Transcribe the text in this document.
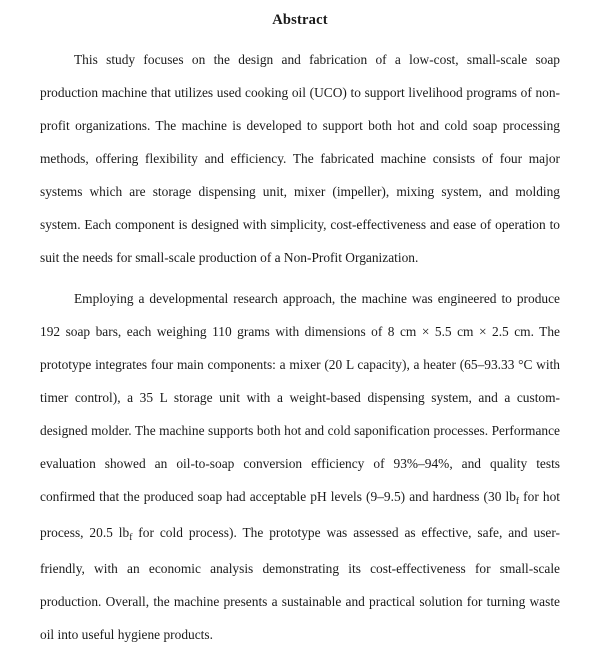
Abstract

This study focuses on the design and fabrication of a low-cost, small-scale soap production machine that utilizes used cooking oil (UCO) to support livelihood programs of non-profit organizations. The machine is developed to support both hot and cold soap processing methods, offering flexibility and efficiency. The fabricated machine consists of four major systems which are storage dispensing unit, mixer (impeller), mixing system, and molding system. Each component is designed with simplicity, cost-effectiveness and ease of operation to suit the needs for small-scale production of a Non-Profit Organization.

Employing a developmental research approach, the machine was engineered to produce 192 soap bars, each weighing 110 grams with dimensions of 8 cm × 5.5 cm × 2.5 cm. The prototype integrates four main components: a mixer (20 L capacity), a heater (65–93.33 °C with timer control), a 35 L storage unit with a weight-based dispensing system, and a custom-designed molder. The machine supports both hot and cold saponification processes. Performance evaluation showed an oil-to-soap conversion efficiency of 93%–94%, and quality tests confirmed that the produced soap had acceptable pH levels (9–9.5) and hardness (30 $lb_f$ for hot process, 20.5 $lb_f$ for cold process). The prototype was assessed as effective, safe, and user-friendly, with an economic analysis demonstrating its cost-effectiveness for small-scale production. Overall, the machine presents a sustainable and practical solution for turning waste oil into useful hygiene products.
